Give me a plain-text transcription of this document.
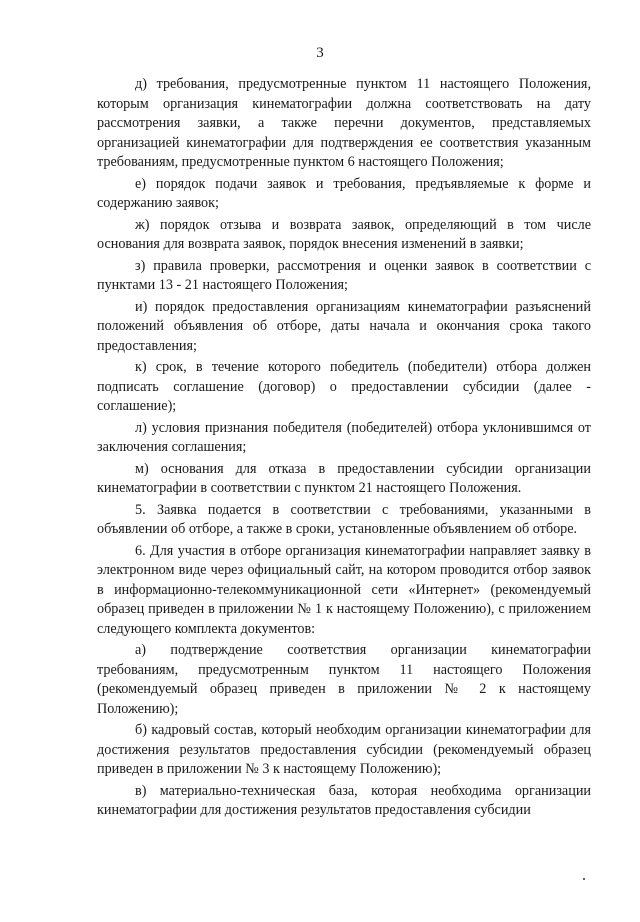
3

д) требования, предусмотренные пунктом 11 настоящего Положения, которым организация кинематографии должна соответствовать на дату рассмотрения заявки, а также перечни документов, представляемых организацией кинематографии для подтверждения ее соответствия указанным требованиям, предусмотренные пунктом 6 настоящего Положения;

е) порядок подачи заявок и требования, предъявляемые к форме и содержанию заявок;

ж) порядок отзыва и возврата заявок, определяющий в том числе основания для возврата заявок, порядок внесения изменений в заявки;

з) правила проверки, рассмотрения и оценки заявок в соответствии с пунктами 13 - 21 настоящего Положения;

и) порядок предоставления организациям кинематографии разъяснений положений объявления об отборе, даты начала и окончания срока такого предоставления;

к) срок, в течение которого победитель (победители) отбора должен подписать соглашение (договор) о предоставлении субсидии (далее - соглашение);

л) условия признания победителя (победителей) отбора уклонившимся от заключения соглашения;

м) основания для отказа в предоставлении субсидии организации кинематографии в соответствии с пунктом 21 настоящего Положения.

5. Заявка подается в соответствии с требованиями, указанными в объявлении об отборе, а также в сроки, установленные объявлением об отборе.

6. Для участия в отборе организация кинематографии направляет заявку в электронном виде через официальный сайт, на котором проводится отбор заявок в информационно-телекоммуникационной сети «Интернет» (рекомендуемый образец приведен в приложении № 1 к настоящему Положению), с приложением следующего комплекта документов:

а) подтверждение соответствия организации кинематографии требованиям, предусмотренным пунктом 11 настоящего Положения (рекомендуемый образец приведен в приложении № 2 к настоящему Положению);

б) кадровый состав, который необходим организации кинематографии для достижения результатов предоставления субсидии (рекомендуемый образец приведен в приложении № 3 к настоящему Положению);

в) материально-техническая база, которая необходима организации кинематографии для достижения результатов предоставления субсидии
